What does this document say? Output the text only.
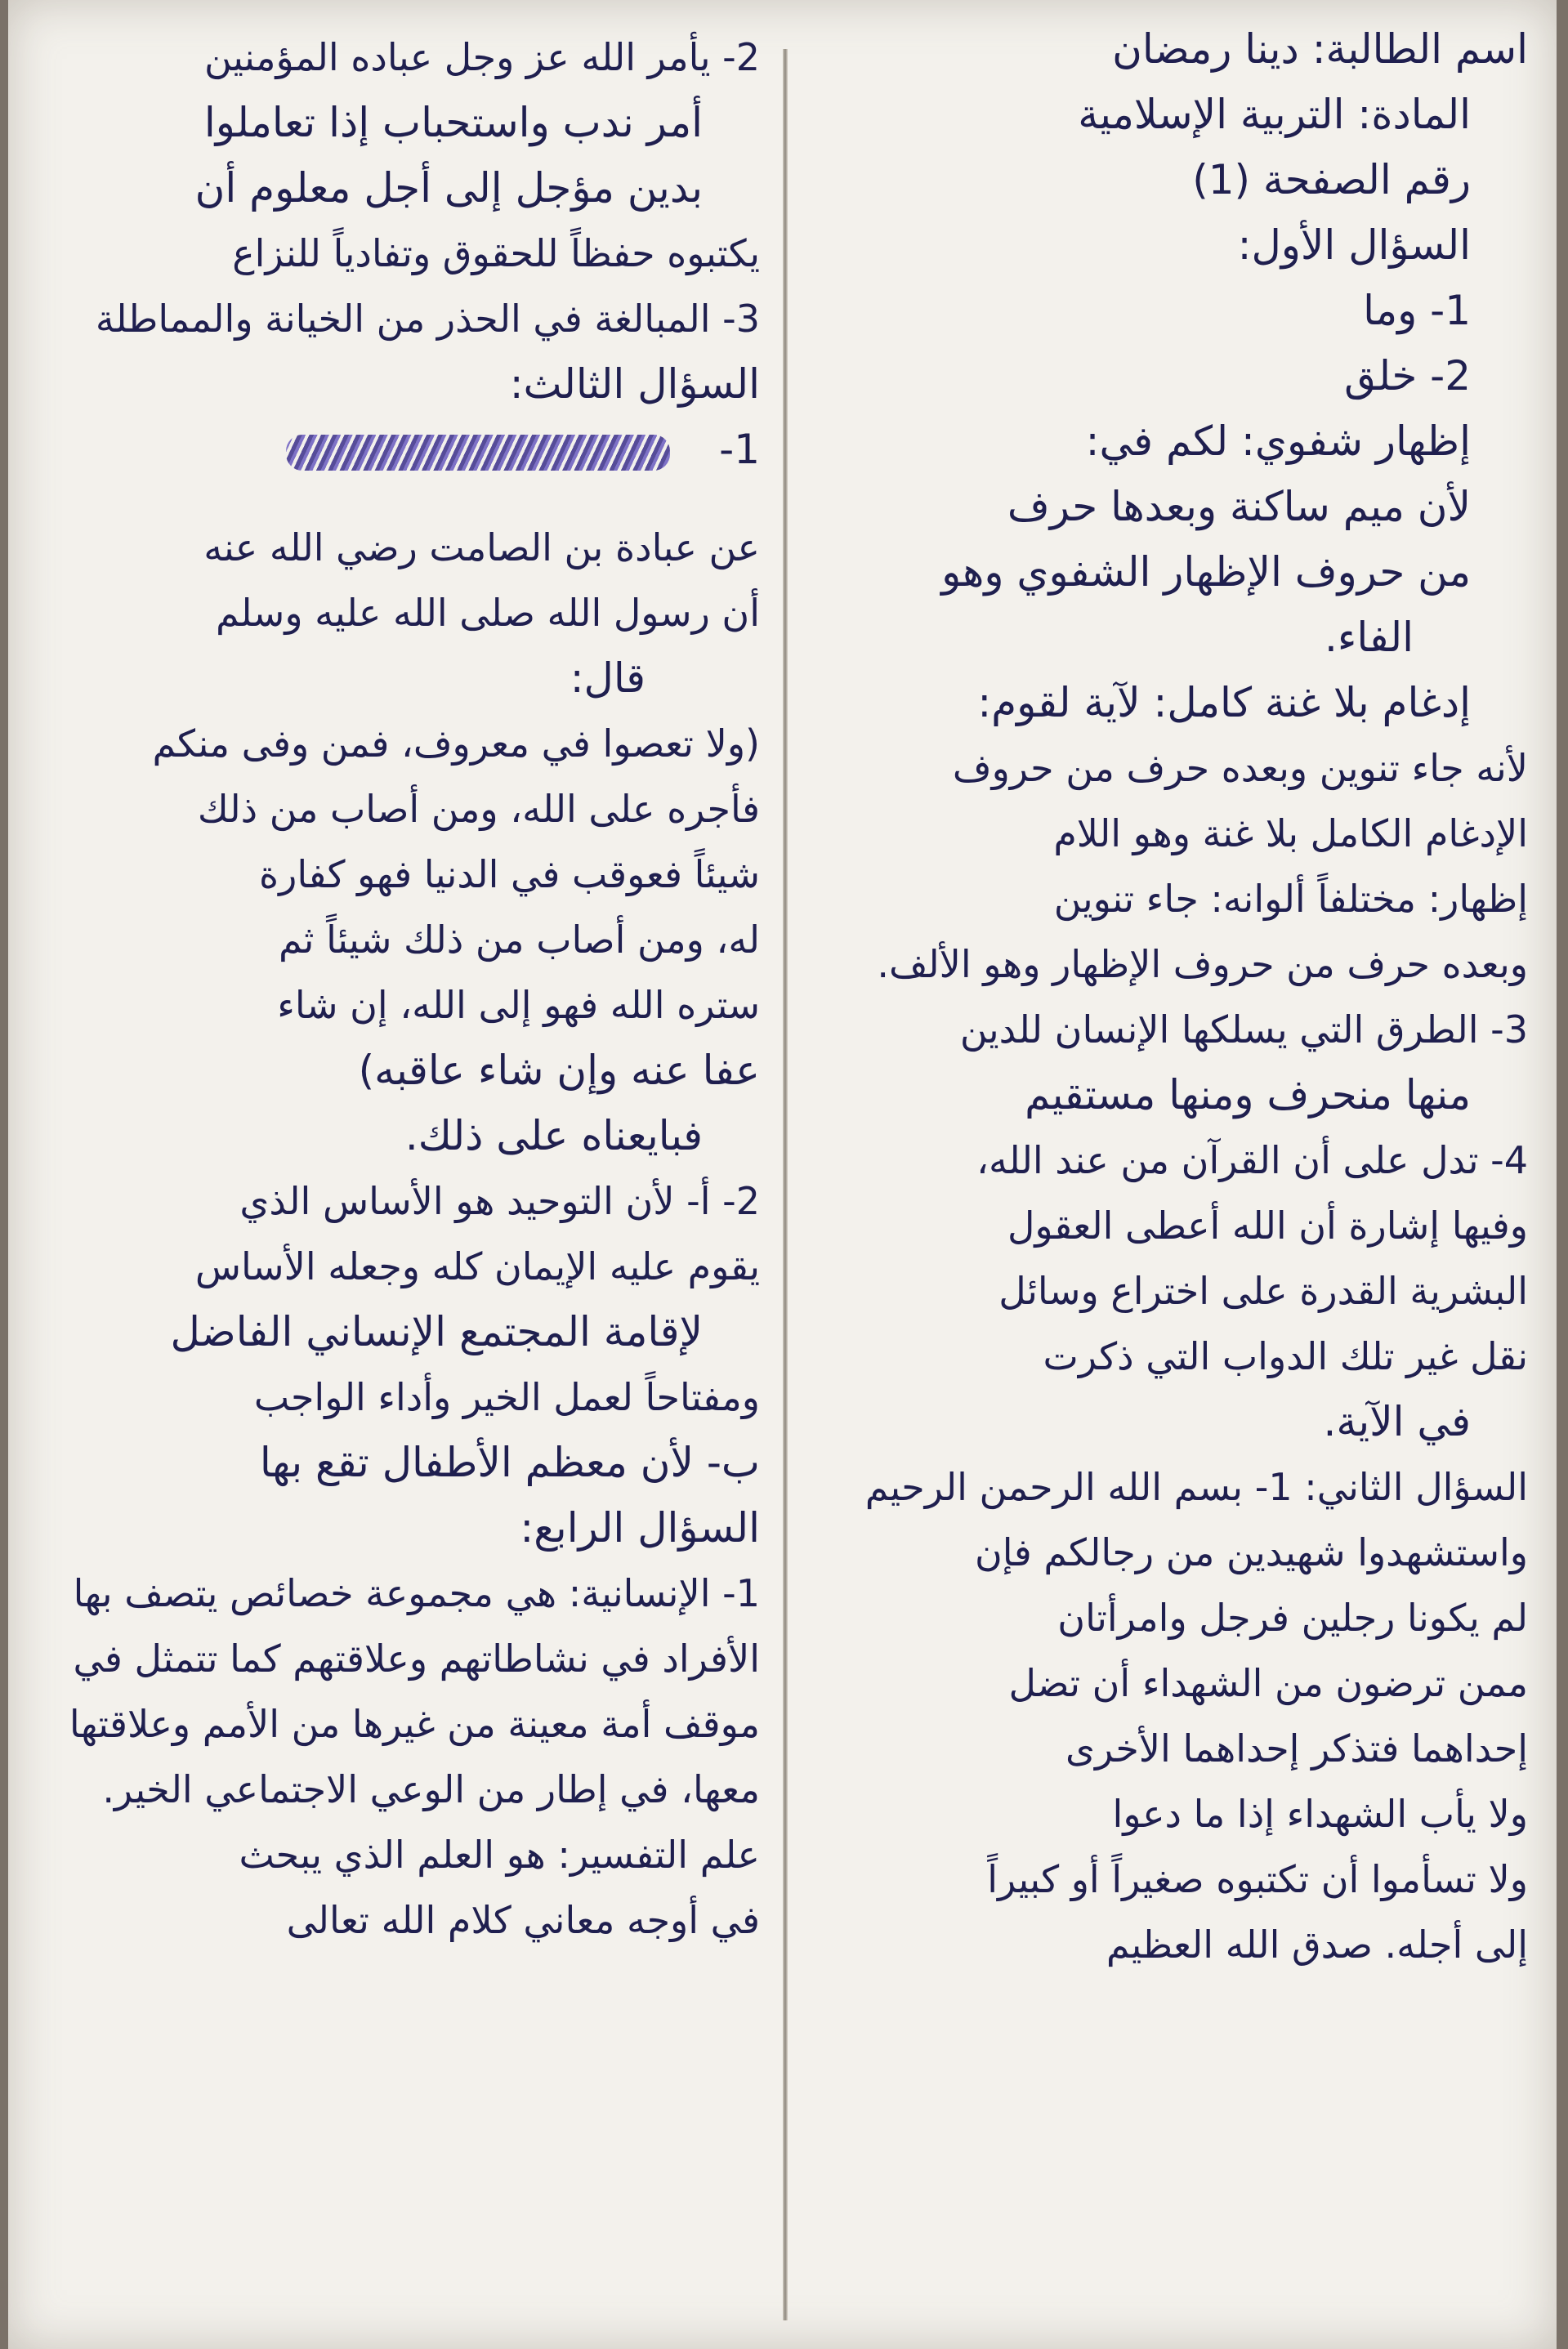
اسم الطالبة: دينا رمضان
المادة: التربية الإسلامية
رقم الصفحة (1)
السؤال الأول:
1- وما
2- خلق
إظهار شفوي: لكم في:
لأن ميم ساكنة وبعدها حرف
من حروف الإظهار الشفوي وهو
الفاء.
إدغام بلا غنة كامل: لآية لقوم:
لأنه جاء تنوين وبعده حرف من حروف
الإدغام الكامل بلا غنة وهو اللام
إظهار: مختلفاً ألوانه: جاء تنوين
وبعده حرف من حروف الإظهار وهو الألف.
3- الطرق التي يسلكها الإنسان للدين
منها منحرف ومنها مستقيم
4- تدل على أن القرآن من عند الله،
وفيها إشارة أن الله أعطى العقول
البشرية القدرة على اختراع وسائل
نقل غير تلك الدواب التي ذكرت
في الآية.
السؤال الثاني: 1- بسم الله الرحمن الرحيم
واستشهدوا شهيدين من رجالكم فإن
لم يكونا رجلين فرجل وامرأتان
ممن ترضون من الشهداء أن تضل
إحداهما فتذكر إحداهما الأخرى
ولا يأب الشهداء إذا ما دعوا
ولا تسأموا أن تكتبوه صغيراً أو كبيراً
إلى أجله. صدق الله العظيم
2- يأمر الله عز وجل عباده المؤمنين
أمر ندب واستحباب إذا تعاملوا
بدين مؤجل إلى أجل معلوم أن
يكتبوه حفظاً للحقوق وتفادياً للنزاع
3- المبالغة في الحذر من الخيانة والمماطلة
السؤال الثالث:
1-
عن عبادة بن الصامت رضي الله عنه
أن رسول الله صلى الله عليه وسلم
قال:
(ولا تعصوا في معروف، فمن وفى منكم
فأجره على الله، ومن أصاب من ذلك
شيئاً فعوقب في الدنيا فهو كفارة
له، ومن أصاب من ذلك شيئاً ثم
ستره الله فهو إلى الله، إن شاء
عفا عنه وإن شاء عاقبه)
فبايعناه على ذلك.
2- أ- لأن التوحيد هو الأساس الذي
يقوم عليه الإيمان كله وجعله الأساس
لإقامة المجتمع الإنساني الفاضل
ومفتاحاً لعمل الخير وأداء الواجب
ب- لأن معظم الأطفال تقع بها
السؤال الرابع:
1- الإنسانية: هي مجموعة خصائص يتصف بها
الأفراد في نشاطاتهم وعلاقتهم كما تتمثل في
موقف أمة معينة من غيرها من الأمم وعلاقتها
معها، في إطار من الوعي الاجتماعي الخير.
علم التفسير: هو العلم الذي يبحث
في أوجه معاني كلام الله تعالى
